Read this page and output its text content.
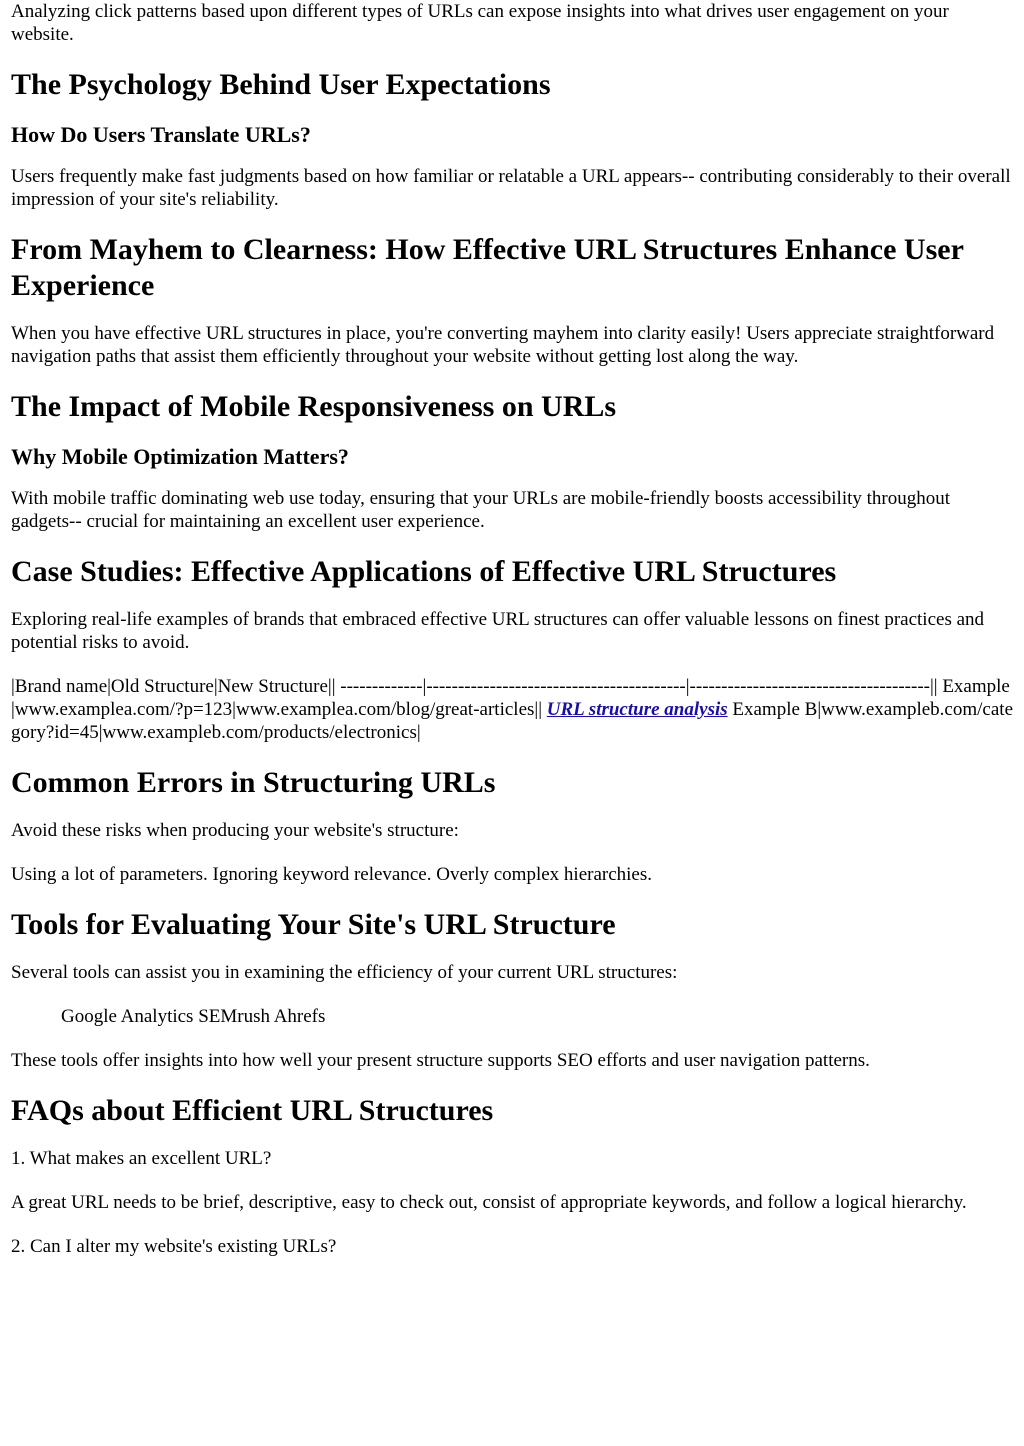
Analyzing click patterns based upon different types of URLs can expose insights into what drives user engagement on your website.

The Psychology Behind User Expectations
How Do Users Translate URLs?

Users frequently make fast judgments based on how familiar or relatable a URL appears-- contributing considerably to their overall impression of your site's reliability.

From Mayhem to Clearness: How Effective URL Structures Enhance User Experience

When you have effective URL structures in place, you're converting mayhem into clarity easily! Users appreciate straightforward navigation paths that assist them efficiently throughout your website without getting lost along the way.

The Impact of Mobile Responsiveness on URLs
Why Mobile Optimization Matters?

With mobile traffic dominating web use today, ensuring that your URLs are mobile-friendly boosts accessibility throughout gadgets-- crucial for maintaining an excellent user experience.

Case Studies: Effective Applications of Effective URL Structures

Exploring real-life examples of brands that embraced effective URL structures can offer valuable lessons on finest practices and potential risks to avoid.

|Brand name|Old Structure|New Structure|| -------------|-----------------------------------------|--------------------------------------|| Example|www.examplea.com/?p=123|www.examplea.com/blog/great-articles|| URL structure analysis Example B|www.exampleb.com/category?id=45|www.exampleb.com/products/electronics|

Common Errors in Structuring URLs

Avoid these risks when producing your website's structure:

Using a lot of parameters. Ignoring keyword relevance. Overly complex hierarchies.

Tools for Evaluating Your Site's URL Structure

Several tools can assist you in examining the efficiency of your current URL structures:

Google Analytics SEMrush Ahrefs

These tools offer insights into how well your present structure supports SEO efforts and user navigation patterns.

FAQs about Efficient URL Structures

1. What makes an excellent URL?

A great URL needs to be brief, descriptive, easy to check out, consist of appropriate keywords, and follow a logical hierarchy.

2. Can I alter my website's existing URLs?
